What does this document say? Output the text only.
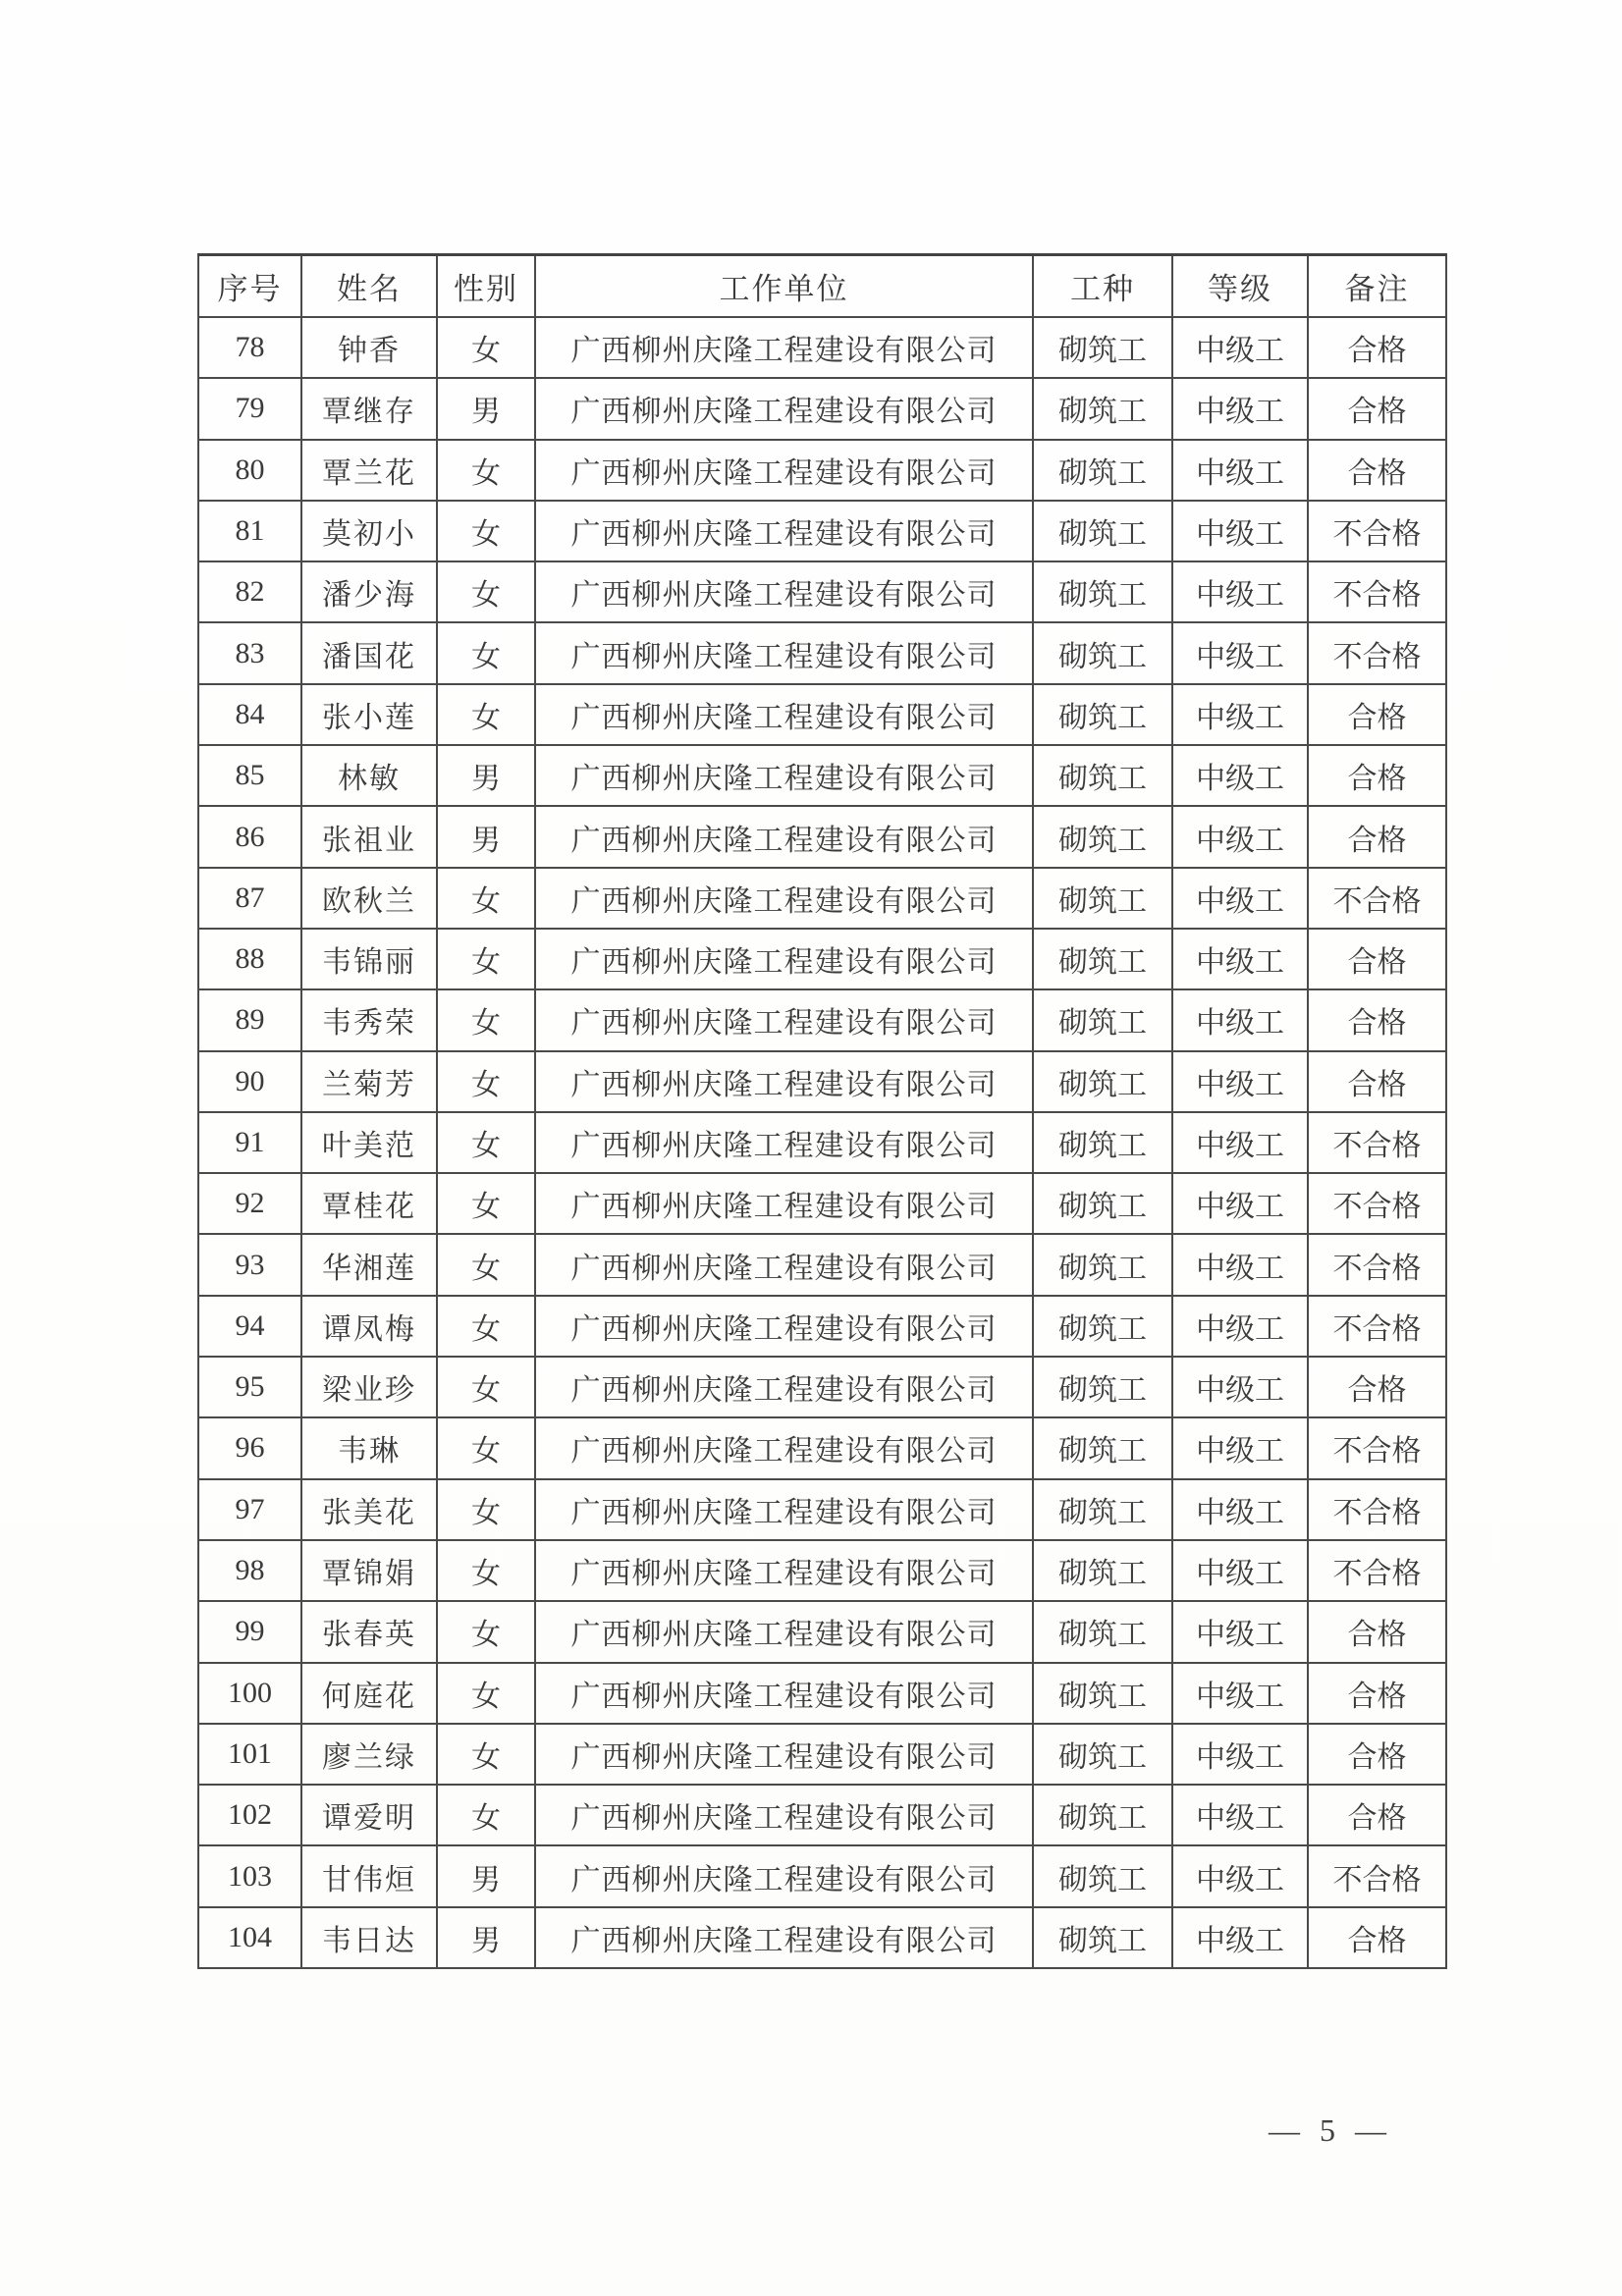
序号	姓名	性别	工作单位	工种	等级	备注
78	钟香	女	广西柳州庆隆工程建设有限公司	砌筑工	中级工	合格
79	覃继存	男	广西柳州庆隆工程建设有限公司	砌筑工	中级工	合格
80	覃兰花	女	广西柳州庆隆工程建设有限公司	砌筑工	中级工	合格
81	莫初小	女	广西柳州庆隆工程建设有限公司	砌筑工	中级工	不合格
82	潘少海	女	广西柳州庆隆工程建设有限公司	砌筑工	中级工	不合格
83	潘国花	女	广西柳州庆隆工程建设有限公司	砌筑工	中级工	不合格
84	张小莲	女	广西柳州庆隆工程建设有限公司	砌筑工	中级工	合格
85	林敏	男	广西柳州庆隆工程建设有限公司	砌筑工	中级工	合格
86	张祖业	男	广西柳州庆隆工程建设有限公司	砌筑工	中级工	合格
87	欧秋兰	女	广西柳州庆隆工程建设有限公司	砌筑工	中级工	不合格
88	韦锦丽	女	广西柳州庆隆工程建设有限公司	砌筑工	中级工	合格
89	韦秀荣	女	广西柳州庆隆工程建设有限公司	砌筑工	中级工	合格
90	兰菊芳	女	广西柳州庆隆工程建设有限公司	砌筑工	中级工	合格
91	叶美范	女	广西柳州庆隆工程建设有限公司	砌筑工	中级工	不合格
92	覃桂花	女	广西柳州庆隆工程建设有限公司	砌筑工	中级工	不合格
93	华湘莲	女	广西柳州庆隆工程建设有限公司	砌筑工	中级工	不合格
94	谭凤梅	女	广西柳州庆隆工程建设有限公司	砌筑工	中级工	不合格
95	梁业珍	女	广西柳州庆隆工程建设有限公司	砌筑工	中级工	合格
96	韦琳	女	广西柳州庆隆工程建设有限公司	砌筑工	中级工	不合格
97	张美花	女	广西柳州庆隆工程建设有限公司	砌筑工	中级工	不合格
98	覃锦娟	女	广西柳州庆隆工程建设有限公司	砌筑工	中级工	不合格
99	张春英	女	广西柳州庆隆工程建设有限公司	砌筑工	中级工	合格
100	何庭花	女	广西柳州庆隆工程建设有限公司	砌筑工	中级工	合格
101	廖兰绿	女	广西柳州庆隆工程建设有限公司	砌筑工	中级工	合格
102	谭爱明	女	广西柳州庆隆工程建设有限公司	砌筑工	中级工	合格
103	甘伟烜	男	广西柳州庆隆工程建设有限公司	砌筑工	中级工	不合格
104	韦日达	男	广西柳州庆隆工程建设有限公司	砌筑工	中级工	合格
— 5 —
